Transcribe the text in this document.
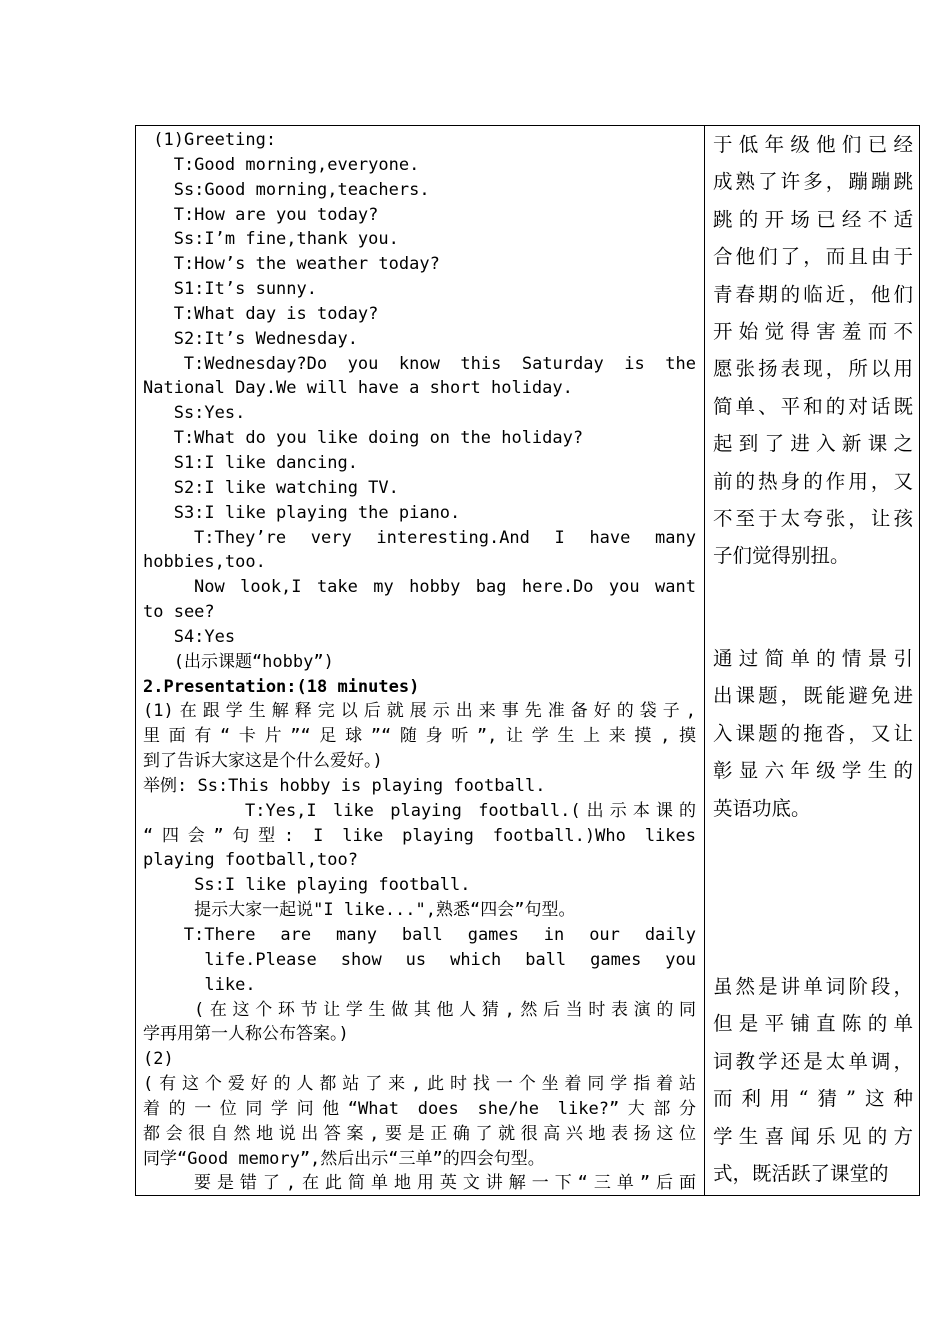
(1)Greeting:
T:Good morning,everyone.
Ss:Good morning,teachers.
T:How are you today?
Ss:I’m fine,thank you.
T:How’s the weather today?
S1:It’s sunny.
T:What day is today?
S2:It’s Wednesday.
T:Wednesday?Do you know this Saturday is the
National Day.We will have a short holiday.
Ss:Yes.
T:What do you like doing on the holiday?
S1:I like dancing.
S2:I like watching TV.
S3:I like playing the piano.
T:They’re very interesting.And I have many
hobbies,too.
Now look,I take my hobby bag here.Do you want
to see?
S4:Yes
(出示课题“hobby”)
2.Presentation:(18 minutes)
(1)在跟学生解释完以后就展示出来事先准备好的袋子,
里面有“卡片”“足球”“随身听”,让学生上来摸,摸
到了告诉大家这是个什么爱好。)
举例: Ss:This hobby is playing football.
T:Yes,I like playing football.(出示本课的
“四会”句型: I like playing football.)Who likes
playing football,too?
Ss:I like playing football.
提示大家一起说"I like...",熟悉“四会”句型。
T:There are many ball games in our daily
life.Please show us which ball games you
like.
(在这个环节让学生做其他人猜,然后当时表演的同
学再用第一人称公布答案。)
(2)
(有这个爱好的人都站了来,此时找一个坐着同学指着站
着的一位同学问他“What does she/he like?”大部分
都会很自然地说出答案,要是正确了就很高兴地表扬这位
同学“Good memory”,然后出示“三单”的四会句型。
要是错了,在此简单地用英文讲解一下“三单”后面
于低年级他们已经
成熟了许多，蹦蹦跳
跳的开场已经不适
合他们了，而且由于
青春期的临近，他们
开始觉得害羞而不
愿张扬表现，所以用
简单、平和的对话既
起到了进入新课之
前的热身的作用，又
不至于太夸张，让孩
子们觉得别扭。
通过简单的情景引
出课题，既能避免进
入课题的拖沓，又让
彰显六年级学生的
英语功底。
虽然是讲单词阶段，
但是平铺直陈的单
词教学还是太单调，
而利用“猜”这种
学生喜闻乐见的方
式，既活跃了课堂的
